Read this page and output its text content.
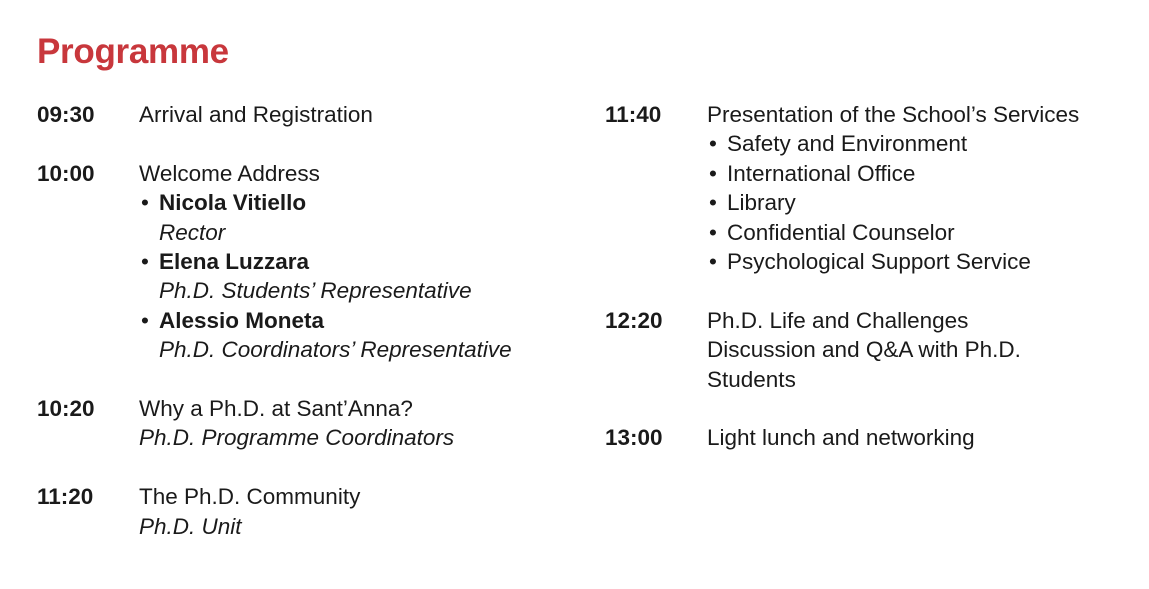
Programme
09:30	Arrival and Registration
10:00	Welcome Address
• Nicola Vitiello
Rector
• Elena Luzzara
Ph.D. Students’ Representative
• Alessio Moneta
Ph.D. Coordinators’ Representative
10:20	Why a Ph.D. at Sant’Anna?
Ph.D. Programme Coordinators
11:20	The Ph.D. Community
Ph.D. Unit
11:40	Presentation of the School’s Services
• Safety and Environment
• International Office
• Library
• Confidential Counselor
• Psychological Support Service
12:20	Ph.D. Life and Challenges
Discussion and Q&A with Ph.D.
Students
13:00	Light lunch and networking
